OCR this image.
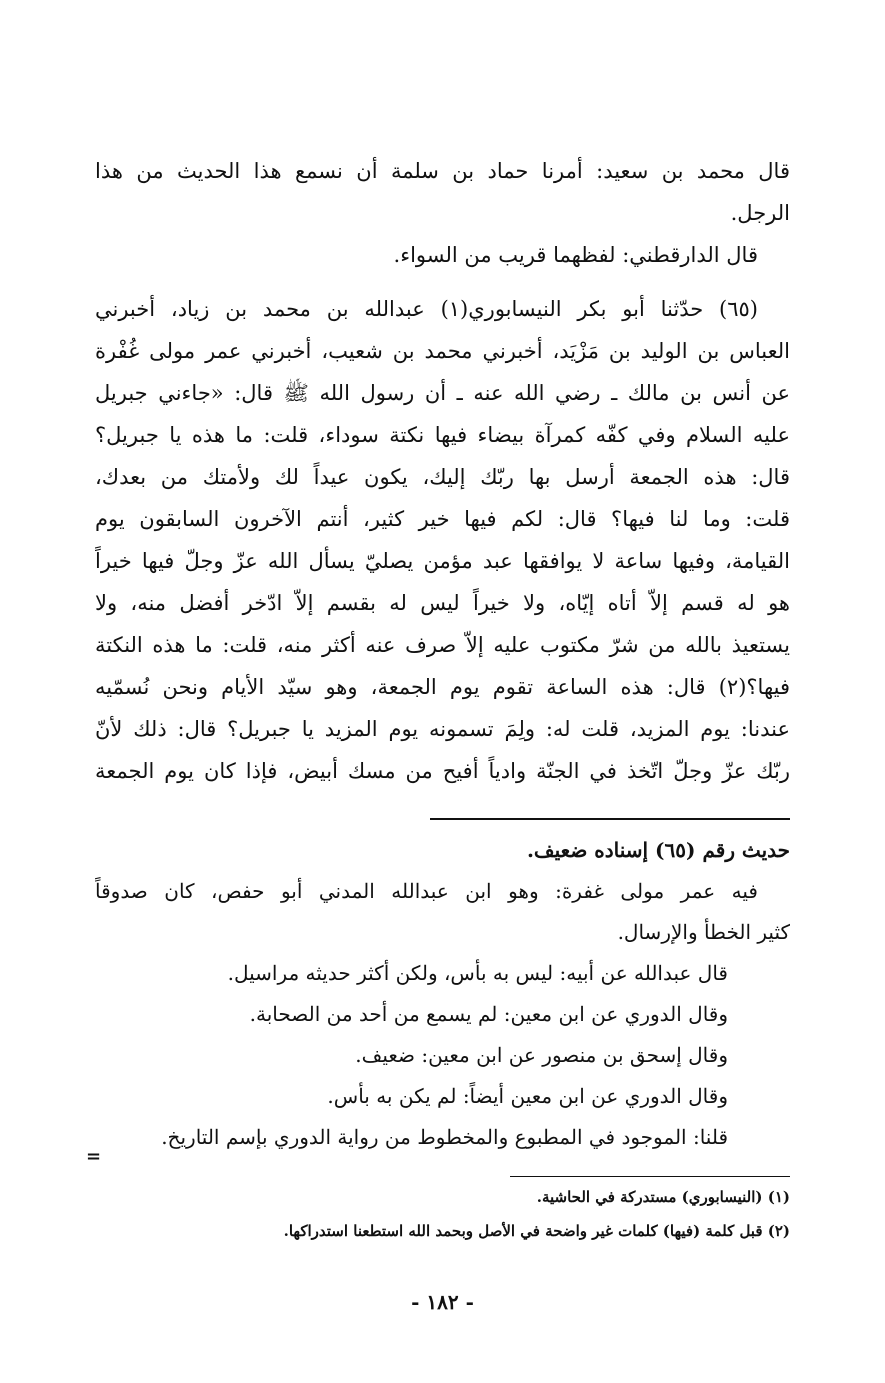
قال محمد بن سعيد: أمرنا حماد بن سلمة أن نسمع هذا الحديث من هذا
الرجل.
قال الدارقطني: لفظهما قريب من السواء.
(٦٥) حدّثنا أبو بكر النيسابوري(١) عبدالله بن محمد بن زياد، أخبرني
العباس بن الوليد بن مَزْيَد، أخبرني محمد بن شعيب، أخبرني عمر مولى غُفْرة
عن أنس بن مالك ـ رضي الله عنه ـ أن رسول الله ﷺ قال: «جاءني جبريل
عليه السلام وفي كفّه كمرآة بيضاء فيها نكتة سوداء، قلت: ما هذه يا جبريل؟
قال: هذه الجمعة أرسل بها ربّك إليك، يكون عيداً لك ولأمتك من بعدك،
قلت: وما لنا فيها؟ قال: لكم فيها خير كثير، أنتم الآخرون السابقون يوم
القيامة، وفيها ساعة لا يوافقها عبد مؤمن يصليّ يسأل الله عزّ وجلّ فيها خيراً
هو له قسم إلاّ أتاه إيّاه، ولا خيراً ليس له بقسم إلاّ ادّخر أفضل منه، ولا
يستعيذ بالله من شرّ مكتوب عليه إلاّ صرف عنه أكثر منه، قلت: ما هذه النكتة
فيها؟(٢) قال: هذه الساعة تقوم يوم الجمعة، وهو سيّد الأيام ونحن نُسمّيه
عندنا: يوم المزيد، قلت له: ولِمَ تسمونه يوم المزيد يا جبريل؟ قال: ذلك لأنّ
ربّك عزّ وجلّ اتّخذ في الجنّة وادياً أفيح من مسك أبيض، فإذا كان يوم الجمعة
حديث رقم (٦٥) إسناده ضعيف.
فيه عمر مولى غفرة: وهو ابن عبدالله المدني أبو حفص، كان صدوقاً
كثير الخطأ والإرسال.
قال عبدالله عن أبيه: ليس به بأس، ولكن أكثر حديثه مراسيل.
وقال الدوري عن ابن معين: لم يسمع من أحد من الصحابة.
وقال إسحق بن منصور عن ابن معين: ضعيف.
وقال الدوري عن ابن معين أيضاً: لم يكن به بأس.
قلنا: الموجود في المطبوع والمخطوط من رواية الدوري بإسم التاريخ.
=
(١) (النيسابوري) مستدركة في الحاشية.
(٢) قبل كلمة (فيها) كلمات غير واضحة في الأصل وبحمد الله استطعنا استدراكها.
- ١٨٢ -
